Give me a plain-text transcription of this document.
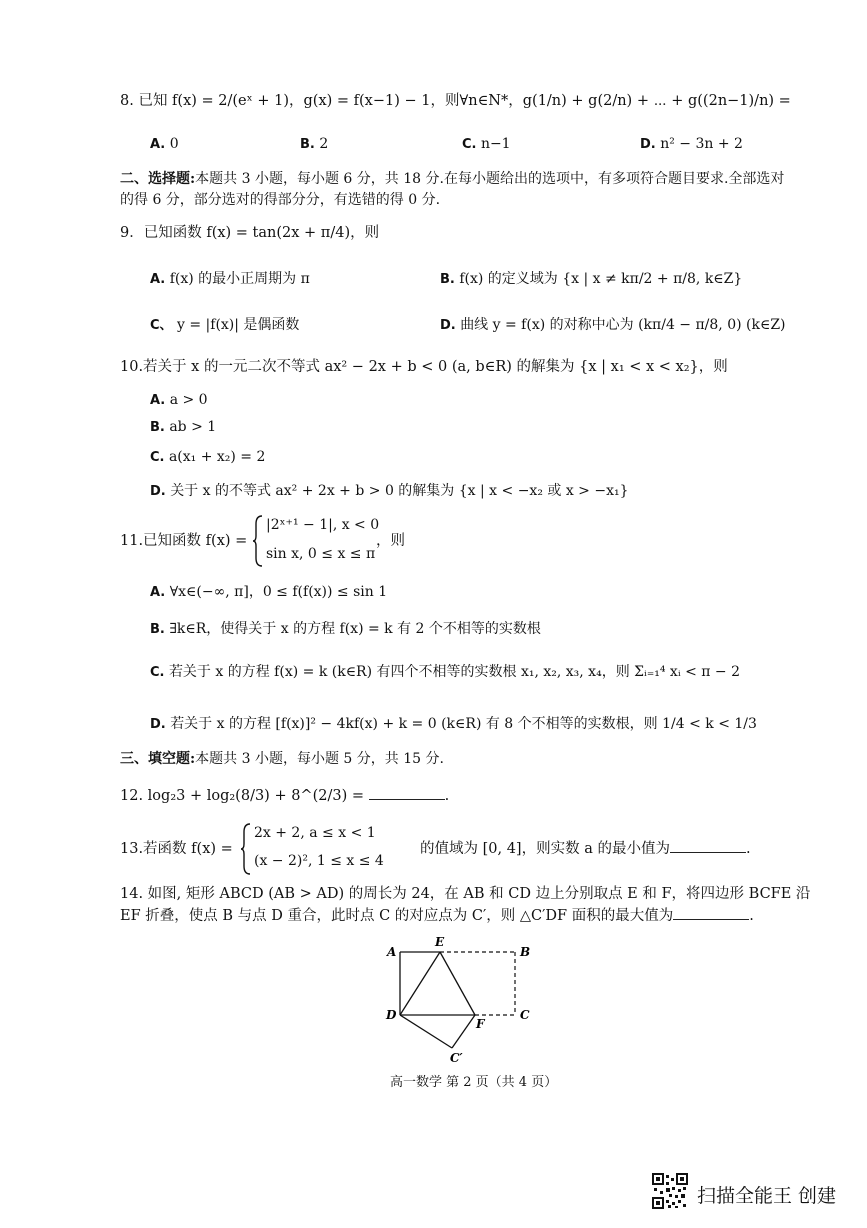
8. 已知 f(x) = 2/(eˣ + 1)，g(x) = f(x−1) − 1，则∀n∈N*，g(1/n) + g(2/n) + ⋯ + g((2n−1)/n) =
A. 0	B. 2	C. n−1	D. n² − 3n + 2
二、选择题:本题共 3 小题，每小题 6 分，共 18 分.在每小题给出的选项中，有多项符合题目要求.全部选对
的得 6 分，部分选对的得部分分，有选错的得 0 分.
9．已知函数 f(x) = tan(2x + π/4)，则
A. f(x) 的最小正周期为 π	B. f(x) 的定义域为 {x | x ≠ kπ/2 + π/8, k∈Z}
C、 y = |f(x)| 是偶函数	D. 曲线 y = f(x) 的对称中心为 (kπ/4 − π/8, 0) (k∈Z)
10.若关于 x 的一元二次不等式 ax² − 2x + b < 0 (a, b∈R) 的解集为 {x | x₁ < x < x₂}，则
A. a > 0
B. ab > 1
C. a(x₁ + x₂) = 2
D. 关于 x 的不等式 ax² + 2x + b > 0 的解集为 {x | x < −x₂ 或 x > −x₁}
11.已知函数 f(x) =
|2ˣ⁺¹ − 1|, x < 0
sin x, 0 ≤ x ≤ π
，则
A. ∀x∈(−∞, π]，0 ≤ f(f(x)) ≤ sin 1
B. ∃k∈R，使得关于 x 的方程 f(x) = k 有 2 个不相等的实数根
C. 若关于 x 的方程 f(x) = k (k∈R) 有四个不相等的实数根 x₁, x₂, x₃, x₄，则 Σᵢ₌₁⁴ xᵢ < π − 2
D. 若关于 x 的方程 [f(x)]² − 4kf(x) + k = 0 (k∈R) 有 8 个不相等的实数根，则 1/4 < k < 1/3
三、填空题:本题共 3 小题，每小题 5 分，共 15 分.
12. log₂3 + log₂(8/3) + 8^(2/3) =	.
13.若函数 f(x) =
2x + 2, a ≤ x < 1
(x − 2)², 1 ≤ x ≤ 4
的值域为 [0, 4]，则实数 a 的最小值为	.
14. 如图, 矩形 ABCD (AB > AD) 的周长为 24，在 AB 和 CD 边上分别取点 E 和 F，将四边形 BCFE 沿
EF 折叠，使点 B 与点 D 重合，此时点 C 的对应点为 C′，则 △C′DF 面积的最大值为	.
A
E
B
D
F
C
C′
高一数学 第 2 页（共 4 页）
扫描全能王 创建
